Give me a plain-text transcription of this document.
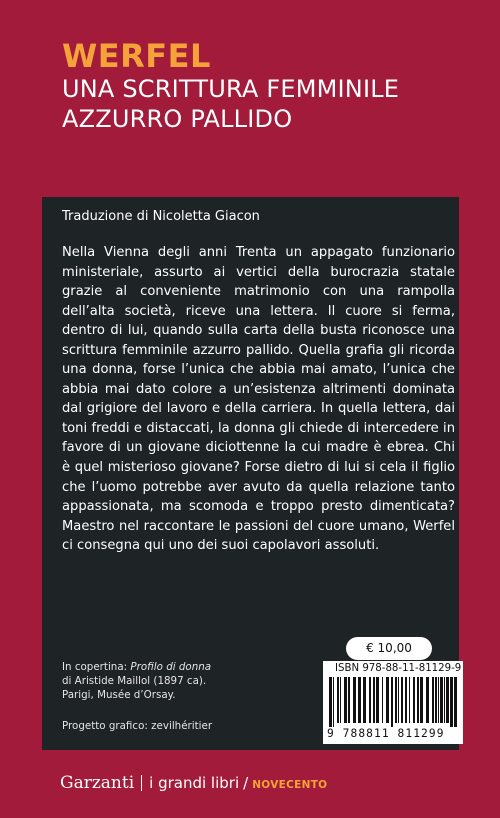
WERFEL
UNA SCRITTURA FEMMINILE
AZZURRO PALLIDO
Traduzione di Nicoletta Giacon

Nella Vienna degli anni Trenta un appagato funzionario ministeriale, assurto ai vertici della burocrazia statale grazie al conveniente matrimonio con una rampolla dell’alta società, riceve una lettera. Il cuore si ferma, dentro di lui, quando sulla carta della busta riconosce una scrittura femminile azzurro pallido. Quella grafia gli ricorda una donna, forse l’unica che abbia mai amato, l’unica che abbia mai dato colore a un’esistenza altrimenti dominata dal grigiore del lavoro e della carriera. In quella lettera, dai toni freddi e distaccati, la donna gli chiede di intercedere in favore di un giovane diciottenne la cui madre è ebrea. Chi è quel misterioso giovane? Forse dietro di lui si cela il figlio che l’uomo potrebbe aver avuto da quella relazione tanto appassionata, ma scomoda e troppo presto dimenticata? Maestro nel raccontare le passioni del cuore umano, Werfel ci consegna qui uno dei suoi capolavori assoluti.

In copertina: Profilo di donna
di Aristide Maillol (1897 ca).
Parigi, Musée d’Orsay.
Progetto grafico: zevilhéritier
€ 10,00
ISBN 978-88-11-81129-9
9 788811 811299
Garzanti i grandi libri / NOVECENTO
